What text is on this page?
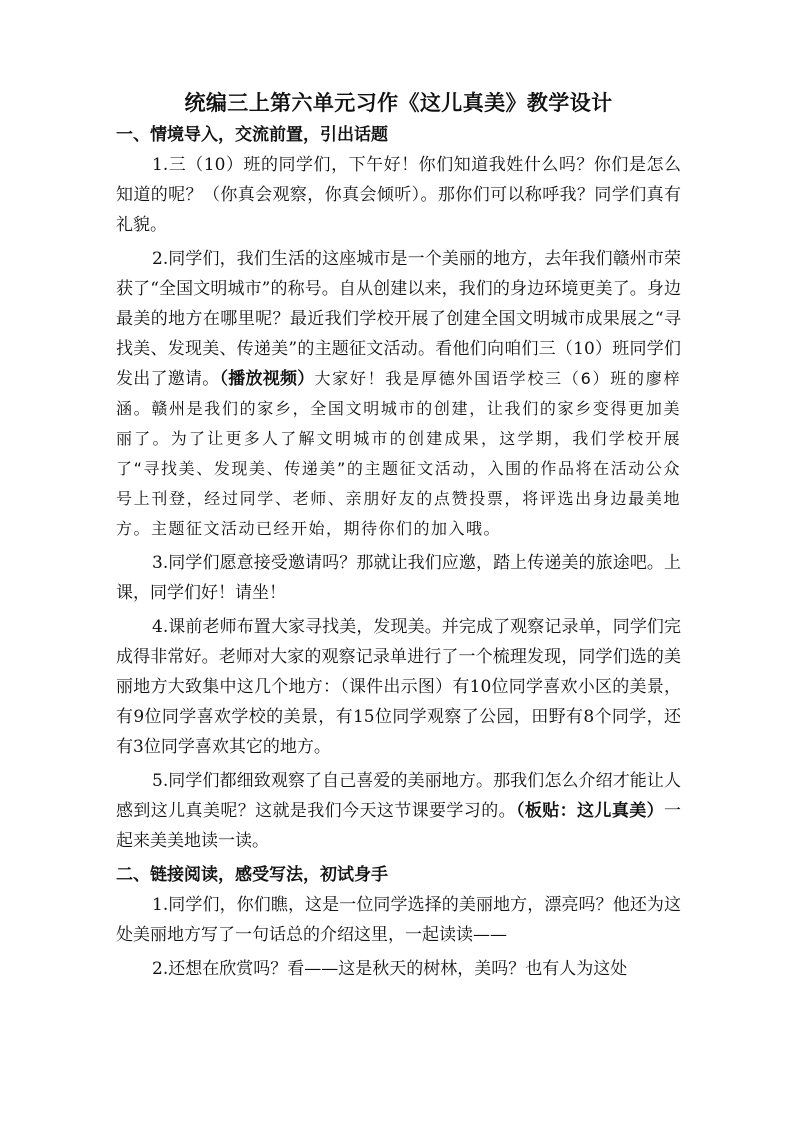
统编三上第六单元习作《这儿真美》教学设计
一、情境导入，交流前置，引出话题

1.三（10）班的同学们，下午好！你们知道我姓什么吗？你们是怎么知道的呢？（你真会观察，你真会倾听）。那你们可以称呼我？同学们真有礼貌。

2.同学们，我们生活的这座城市是一个美丽的地方，去年我们赣州市荣获了“全国文明城市”的称号。自从创建以来，我们的身边环境更美了。身边最美的地方在哪里呢？最近我们学校开展了创建全国文明城市成果展之“寻找美、发现美、传递美”的主题征文活动。看他们向咱们三（10）班同学们发出了邀请。（播放视频）大家好！我是厚德外国语学校三（6）班的廖梓涵。赣州是我们的家乡，全国文明城市的创建，让我们的家乡变得更加美丽了。为了让更多人了解文明城市的创建成果，这学期，我们学校开展了“寻找美、发现美、传递美”的主题征文活动，入围的作品将在活动公众号上刊登，经过同学、老师、亲朋好友的点赞投票，将评选出身边最美地方。主题征文活动已经开始，期待你们的加入哦。

3.同学们愿意接受邀请吗？那就让我们应邀，踏上传递美的旅途吧。上课，同学们好！请坐！

4.课前老师布置大家寻找美，发现美。并完成了观察记录单，同学们完成得非常好。老师对大家的观察记录单进行了一个梳理发现，同学们选的美丽地方大致集中这几个地方：（课件出示图）有10位同学喜欢小区的美景，有9位同学喜欢学校的美景，有15位同学观察了公园，田野有8个同学，还有3位同学喜欢其它的地方。

5.同学们都细致观察了自己喜爱的美丽地方。那我们怎么介绍才能让人感到这儿真美呢？这就是我们今天这节课要学习的。（板贴：这儿真美）一起来美美地读一读。

二、链接阅读，感受写法，初试身手

1.同学们，你们瞧，这是一位同学选择的美丽地方，漂亮吗？他还为这处美丽地方写了一句话总的介绍这里，一起读读——

2.还想在欣赏吗？看——这是秋天的树林，美吗？也有人为这处
